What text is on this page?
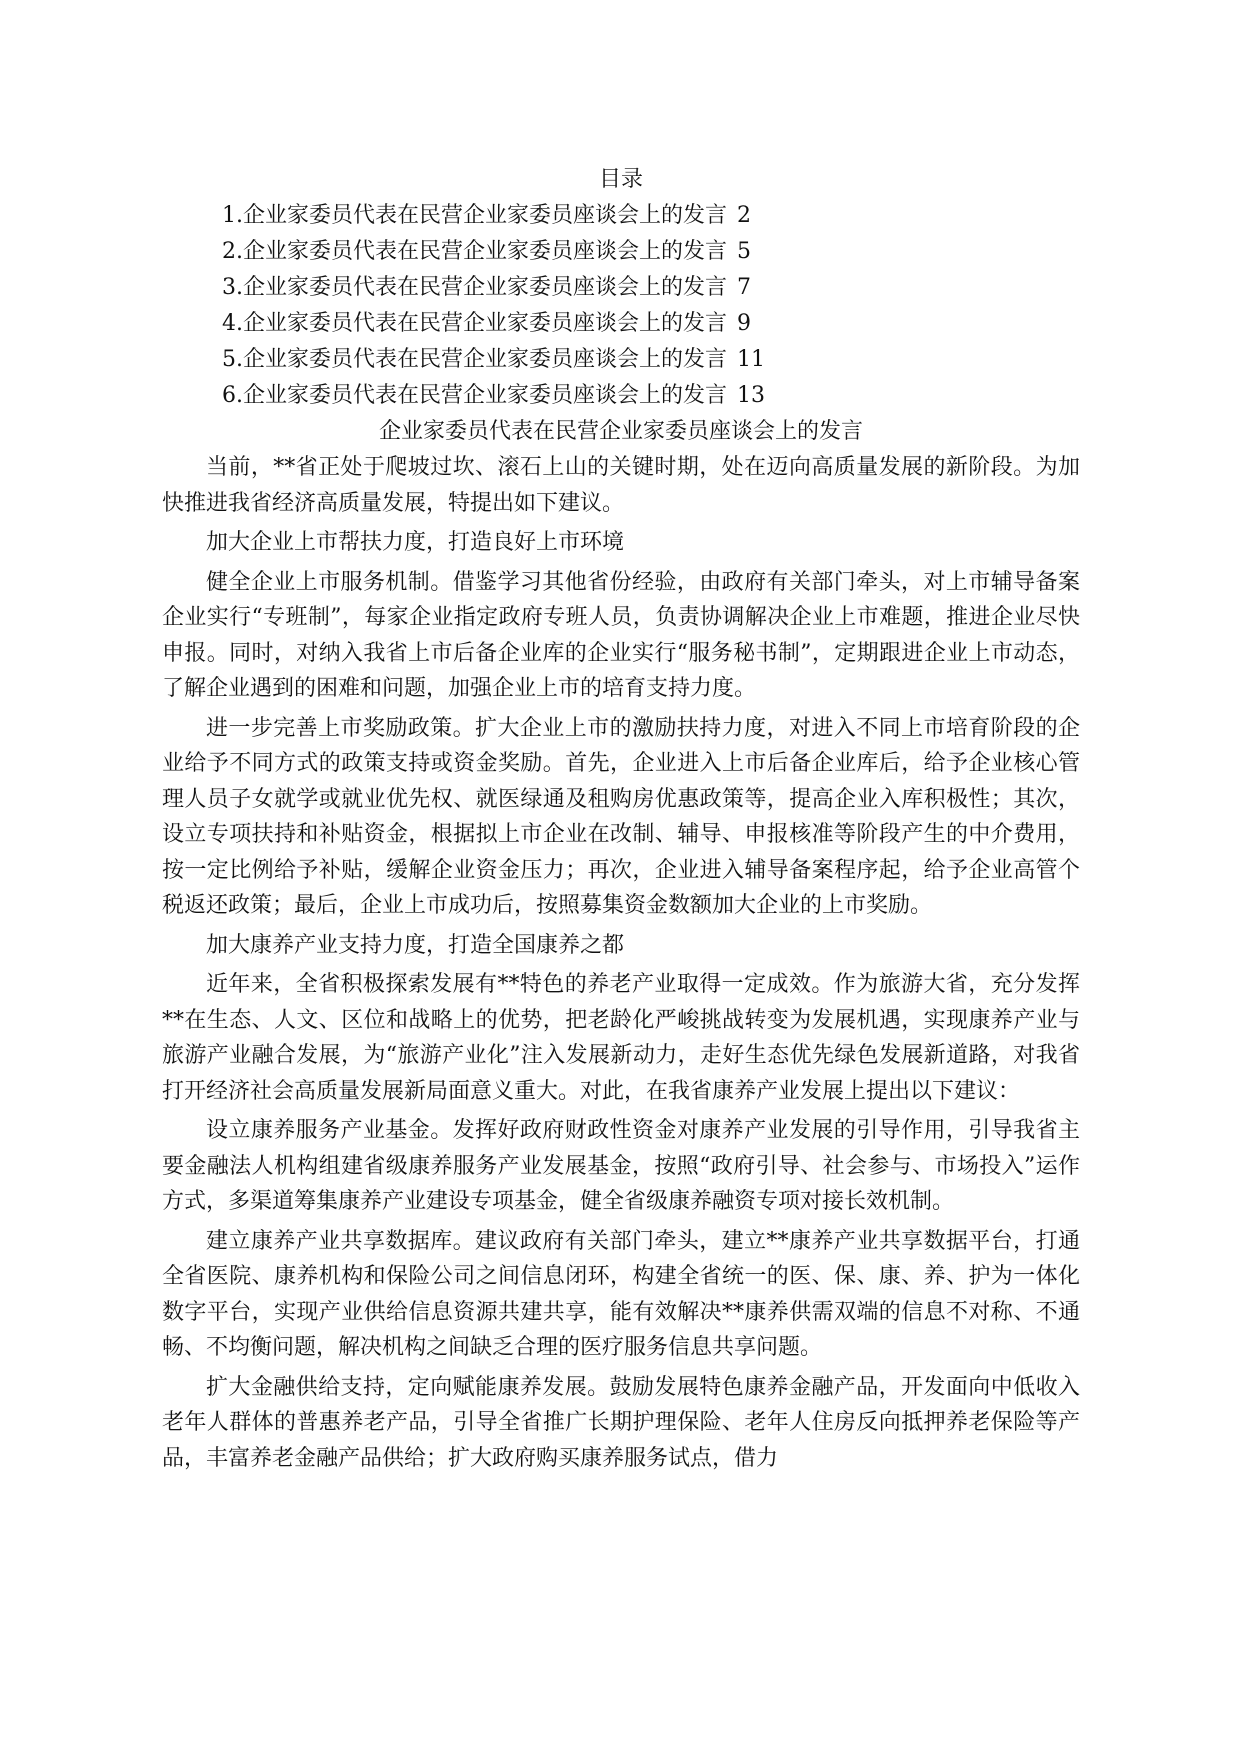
目录
1.企业家委员代表在民营企业家委员座谈会上的发言 2
2.企业家委员代表在民营企业家委员座谈会上的发言 5
3.企业家委员代表在民营企业家委员座谈会上的发言 7
4.企业家委员代表在民营企业家委员座谈会上的发言 9
5.企业家委员代表在民营企业家委员座谈会上的发言 11
6.企业家委员代表在民营企业家委员座谈会上的发言 13
企业家委员代表在民营企业家委员座谈会上的发言

当前，**省正处于爬坡过坎、滚石上山的关键时期，处在迈向高质量发展的新阶段。为加快推进我省经济高质量发展，特提出如下建议。

加大企业上市帮扶力度，打造良好上市环境

健全企业上市服务机制。借鉴学习其他省份经验，由政府有关部门牵头，对上市辅导备案企业实行“专班制”，每家企业指定政府专班人员，负责协调解决企业上市难题，推进企业尽快申报。同时，对纳入我省上市后备企业库的企业实行“服务秘书制”，定期跟进企业上市动态，了解企业遇到的困难和问题，加强企业上市的培育支持力度。

进一步完善上市奖励政策。扩大企业上市的激励扶持力度，对进入不同上市培育阶段的企业给予不同方式的政策支持或资金奖励。首先，企业进入上市后备企业库后，给予企业核心管理人员子女就学或就业优先权、就医绿通及租购房优惠政策等，提高企业入库积极性；其次，设立专项扶持和补贴资金，根据拟上市企业在改制、辅导、申报核准等阶段产生的中介费用，按一定比例给予补贴，缓解企业资金压力；再次，企业进入辅导备案程序起，给予企业高管个税返还政策；最后，企业上市成功后，按照募集资金数额加大企业的上市奖励。

加大康养产业支持力度，打造全国康养之都

近年来，全省积极探索发展有**特色的养老产业取得一定成效。作为旅游大省，充分发挥**在生态、人文、区位和战略上的优势，把老龄化严峻挑战转变为发展机遇，实现康养产业与旅游产业融合发展，为“旅游产业化”注入发展新动力，走好生态优先绿色发展新道路，对我省打开经济社会高质量发展新局面意义重大。对此，在我省康养产业发展上提出以下建议：

设立康养服务产业基金。发挥好政府财政性资金对康养产业发展的引导作用，引导我省主要金融法人机构组建省级康养服务产业发展基金，按照“政府引导、社会参与、市场投入”运作方式，多渠道筹集康养产业建设专项基金，健全省级康养融资专项对接长效机制。

建立康养产业共享数据库。建议政府有关部门牵头，建立**康养产业共享数据平台，打通全省医院、康养机构和保险公司之间信息闭环，构建全省统一的医、保、康、养、护为一体化数字平台，实现产业供给信息资源共建共享，能有效解决**康养供需双端的信息不对称、不通畅、不均衡问题，解决机构之间缺乏合理的医疗服务信息共享问题。

扩大金融供给支持，定向赋能康养发展。鼓励发展特色康养金融产品，开发面向中低收入老年人群体的普惠养老产品，引导全省推广长期护理保险、老年人住房反向抵押养老保险等产品，丰富养老金融产品供给；扩大政府购买康养服务试点，借力
